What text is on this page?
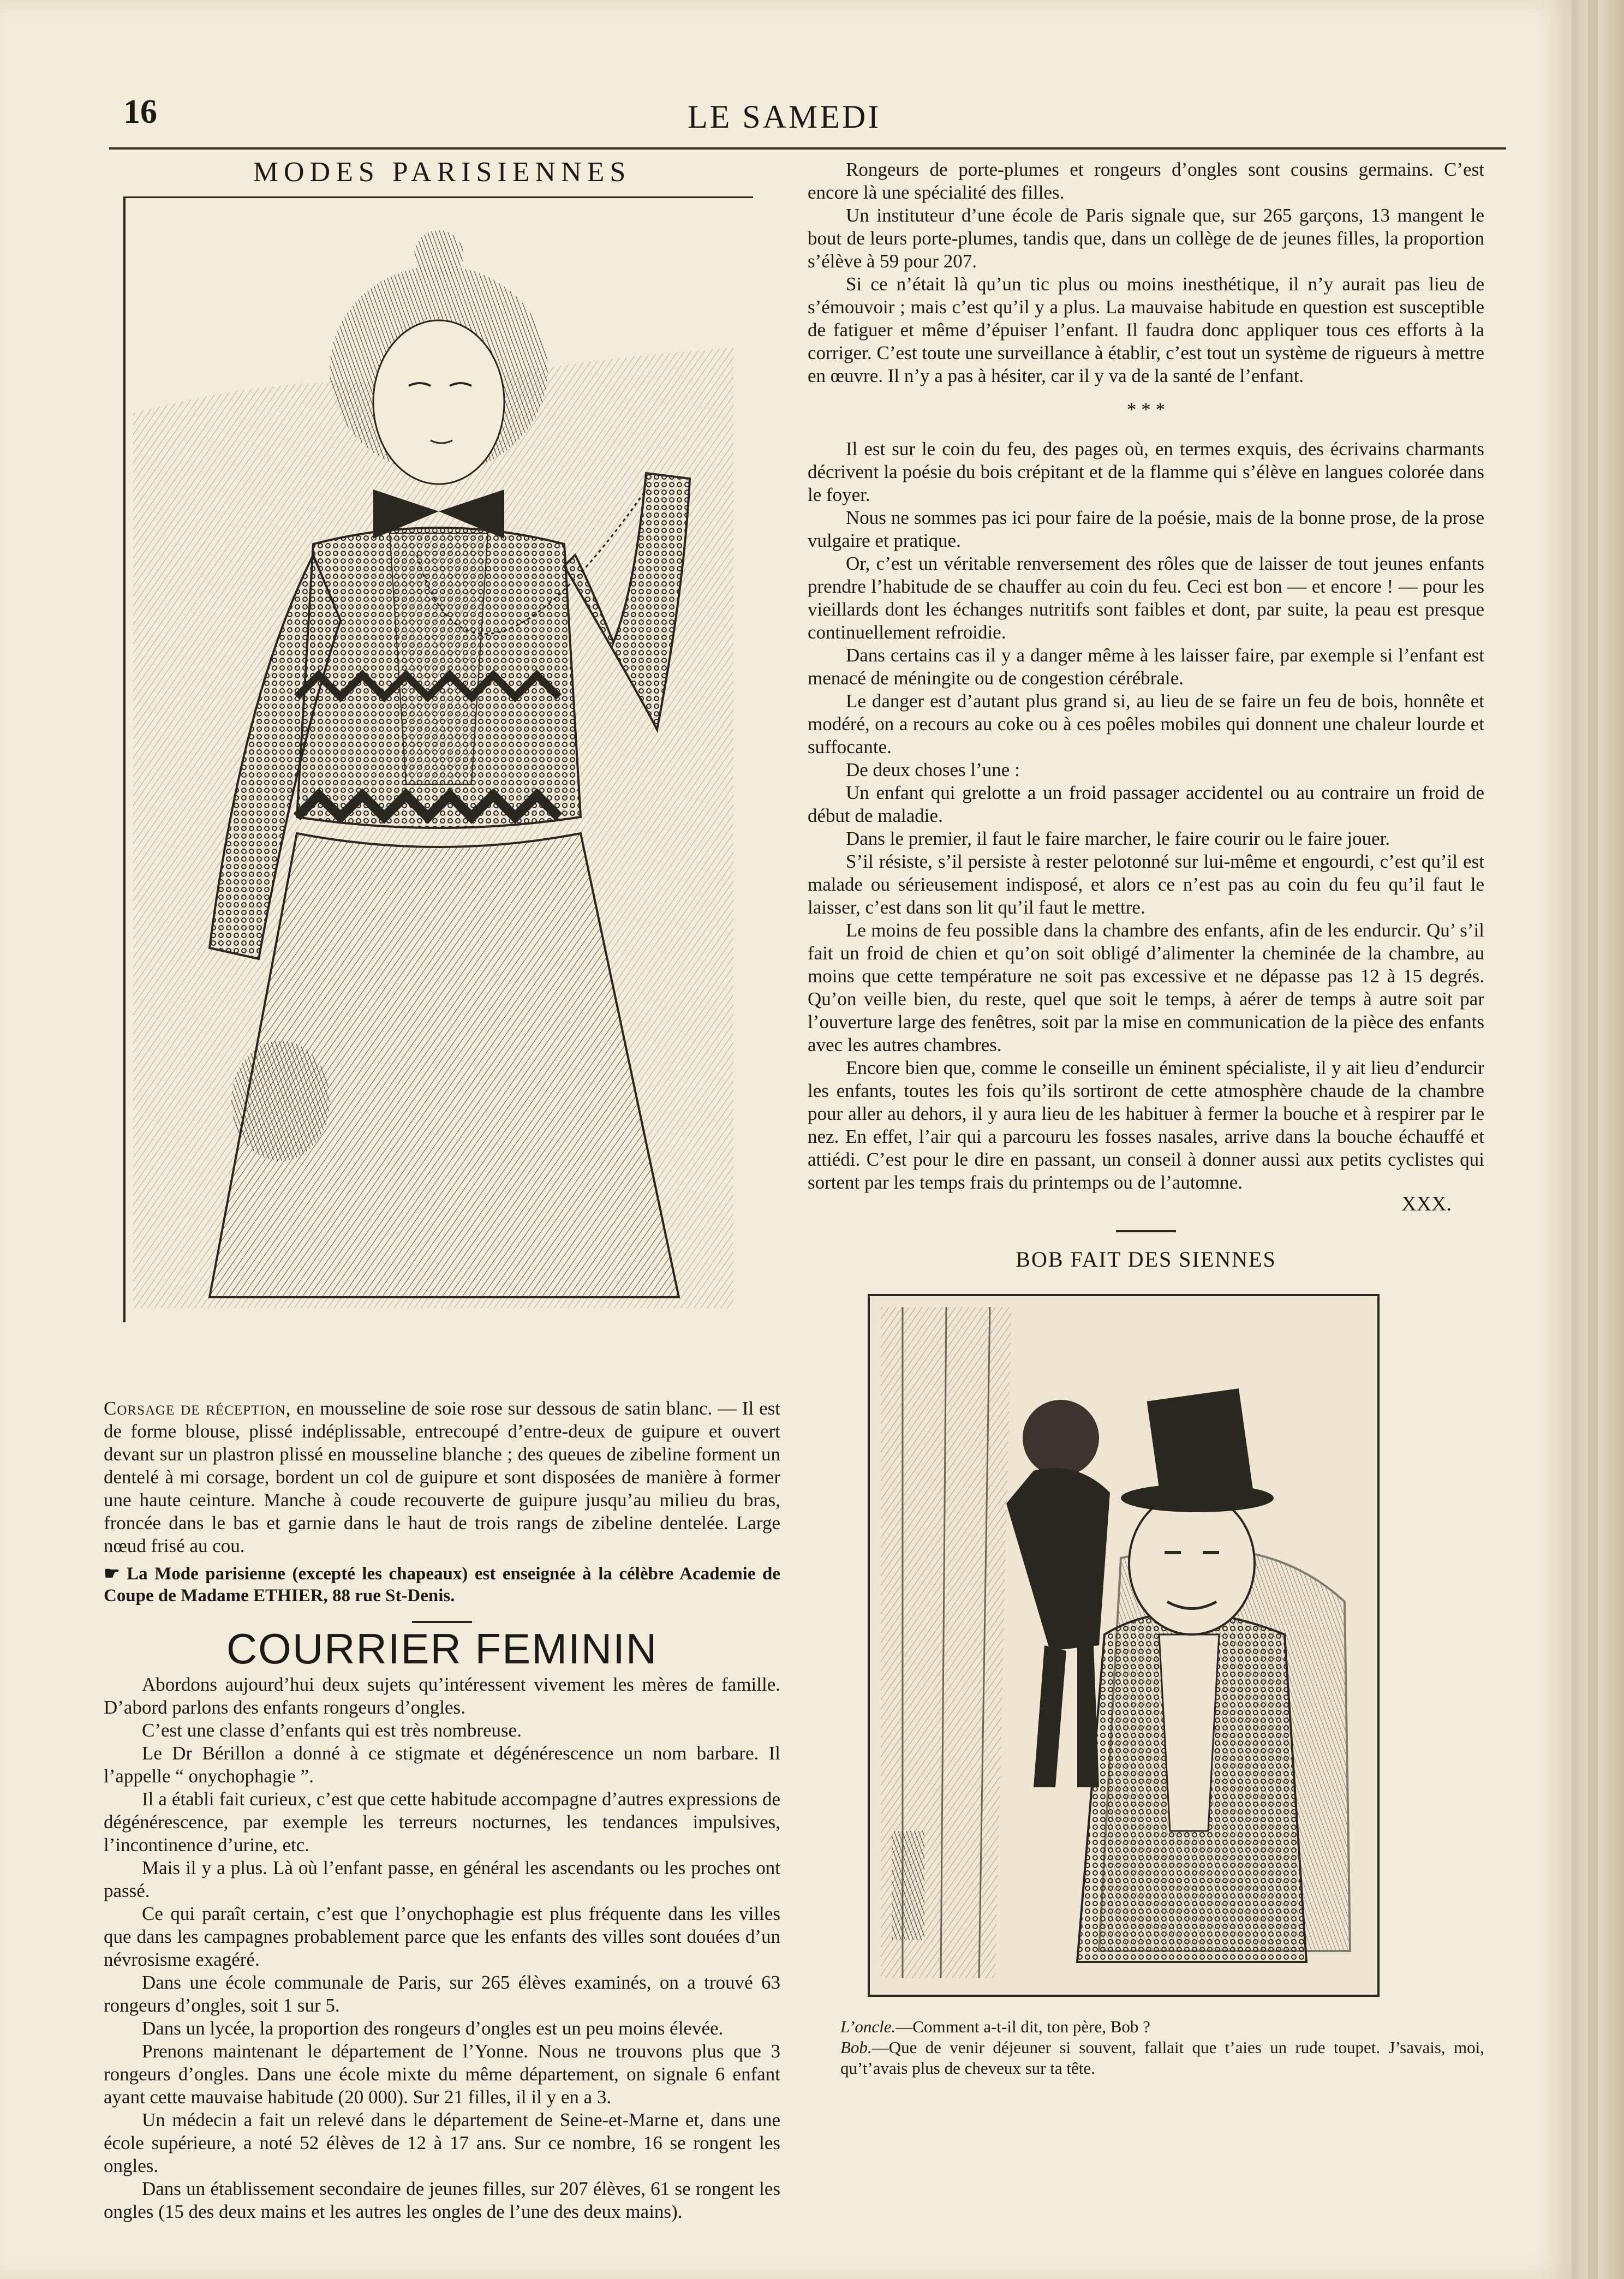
16	LE SAMEDI
MODES PARISIENNES
Corsage de réception, en mousseline de soie rose sur dessous de satin blanc. — Il est de forme blouse, plissé indéplissable, entrecoupé d’entre-deux de guipure et ouvert devant sur un plastron plissé en mousseline blanche ; des queues de zibeline forment un dentelé à mi corsage, bordent un col de guipure et sont disposées de manière à former une haute ceinture. Manche à coude recouverte de guipure jusqu’au milieu du bras, froncée dans le bas et garnie dans le haut de trois rangs de zibeline dentelée. Large nœud frisé au cou.
☛ La Mode parisienne (excepté les chapeaux) est enseignée à la célèbre Academie de Coupe de Madame ETHIER, 88 rue St-Denis.
COURRIER FEMININ

Abordons aujourd’hui deux sujets qu’intéressent vivement les mères de famille. D’abord parlons des enfants rongeurs d’ongles.

C’est une classe d’enfants qui est très nombreuse.

Le Dr Bérillon a donné à ce stigmate et dégénérescence un nom barbare. Il l’appelle “ onychophagie ”.

Il a établi fait curieux, c’est que cette habitude accompagne d’autres expressions de dégénérescence, par exemple les terreurs nocturnes, les tendances impulsives, l’incontinence d’urine, etc.

Mais il y a plus. Là où l’enfant passe, en général les ascendants ou les proches ont passé.

Ce qui paraît certain, c’est que l’onychophagie est plus fréquente dans les villes que dans les campagnes probablement parce que les enfants des villes sont douées d’un névrosisme exagéré.

Dans une école communale de Paris, sur 265 élèves examinés, on a trouvé 63 rongeurs d’ongles, soit 1 sur 5.

Dans un lycée, la proportion des rongeurs d’ongles est un peu moins élevée.

Prenons maintenant le département de l’Yonne. Nous ne trouvons plus que 3 rongeurs d’ongles. Dans une école mixte du même département, on signale 6 enfant ayant cette mauvaise habitude (20 000). Sur 21 filles, il il y en a 3.

Un médecin a fait un relevé dans le département de Seine-et-Marne et, dans une école supérieure, a noté 52 élèves de 12 à 17 ans. Sur ce nombre, 16 se rongent les ongles.

Dans un établissement secondaire de jeunes filles, sur 207 élèves, 61 se rongent les ongles (15 des deux mains et les autres les ongles de l’une des deux mains).

Rongeurs de porte-plumes et rongeurs d’ongles sont cousins germains. C’est encore là une spécialité des filles.

Un instituteur d’une école de Paris signale que, sur 265 garçons, 13 mangent le bout de leurs porte-plumes, tandis que, dans un collège de de jeunes filles, la proportion s’élève à 59 pour 207.

Si ce n’était là qu’un tic plus ou moins inesthétique, il n’y aurait pas lieu de s’émouvoir ; mais c’est qu’il y a plus. La mauvaise habitude en question est susceptible de fatiguer et même d’épuiser l’enfant. Il faudra donc appliquer tous ces efforts à la corriger. C’est toute une surveillance à établir, c’est tout un système de rigueurs à mettre en œuvre. Il n’y a pas à hésiter, car il y va de la santé de l’enfant.

* * *

Il est sur le coin du feu, des pages où, en termes exquis, des écrivains charmants décrivent la poésie du bois crépitant et de la flamme qui s’élève en langues colorée dans le foyer.

Nous ne sommes pas ici pour faire de la poésie, mais de la bonne prose, de la prose vulgaire et pratique.

Or, c’est un véritable renversement des rôles que de laisser de tout jeunes enfants prendre l’habitude de se chauffer au coin du feu. Ceci est bon — et encore ! — pour les vieillards dont les échanges nutritifs sont faibles et dont, par suite, la peau est presque continuellement refroidie.

Dans certains cas il y a danger même à les laisser faire, par exemple si l’enfant est menacé de méningite ou de congestion cérébrale.

Le danger est d’autant plus grand si, au lieu de se faire un feu de bois, honnête et modéré, on a recours au coke ou à ces poêles mobiles qui donnent une chaleur lourde et suffocante.

De deux choses l’une :

Un enfant qui grelotte a un froid passager accidentel ou au contraire un froid de début de maladie.

Dans le premier, il faut le faire marcher, le faire courir ou le faire jouer.

S’il résiste, s’il persiste à rester pelotonné sur lui-même et engourdi, c’est qu’il est malade ou sérieusement indisposé, et alors ce n’est pas au coin du feu qu’il faut le laisser, c’est dans son lit qu’il faut le mettre.

Le moins de feu possible dans la chambre des enfants, afin de les endurcir. Qu’ s’il fait un froid de chien et qu’on soit obligé d’alimenter la cheminée de la chambre, au moins que cette température ne soit pas excessive et ne dépasse pas 12 à 15 degrés. Qu’on veille bien, du reste, quel que soit le temps, à aérer de temps à autre soit par l’ouverture large des fenêtres, soit par la mise en communication de la pièce des enfants avec les autres chambres.

Encore bien que, comme le conseille un éminent spécialiste, il y ait lieu d’endurcir les enfants, toutes les fois qu’ils sortiront de cette atmosphère chaude de la chambre pour aller au dehors, il y aura lieu de les habituer à fermer la bouche et à respirer par le nez. En effet, l’air qui a parcouru les fosses nasales, arrive dans la bouche échauffé et attiédi. C’est pour le dire en passant, un conseil à donner aussi aux petits cyclistes qui sortent par les temps frais du printemps ou de l’automne.

XXX.
BOB FAIT DES SIENNES
L’oncle.—Comment a-t-il dit, ton père, Bob ?
Bob.—Que de venir déjeuner si souvent, fallait que t’aies un rude toupet. J’savais, moi, qu’t’avais plus de cheveux sur ta tête.
